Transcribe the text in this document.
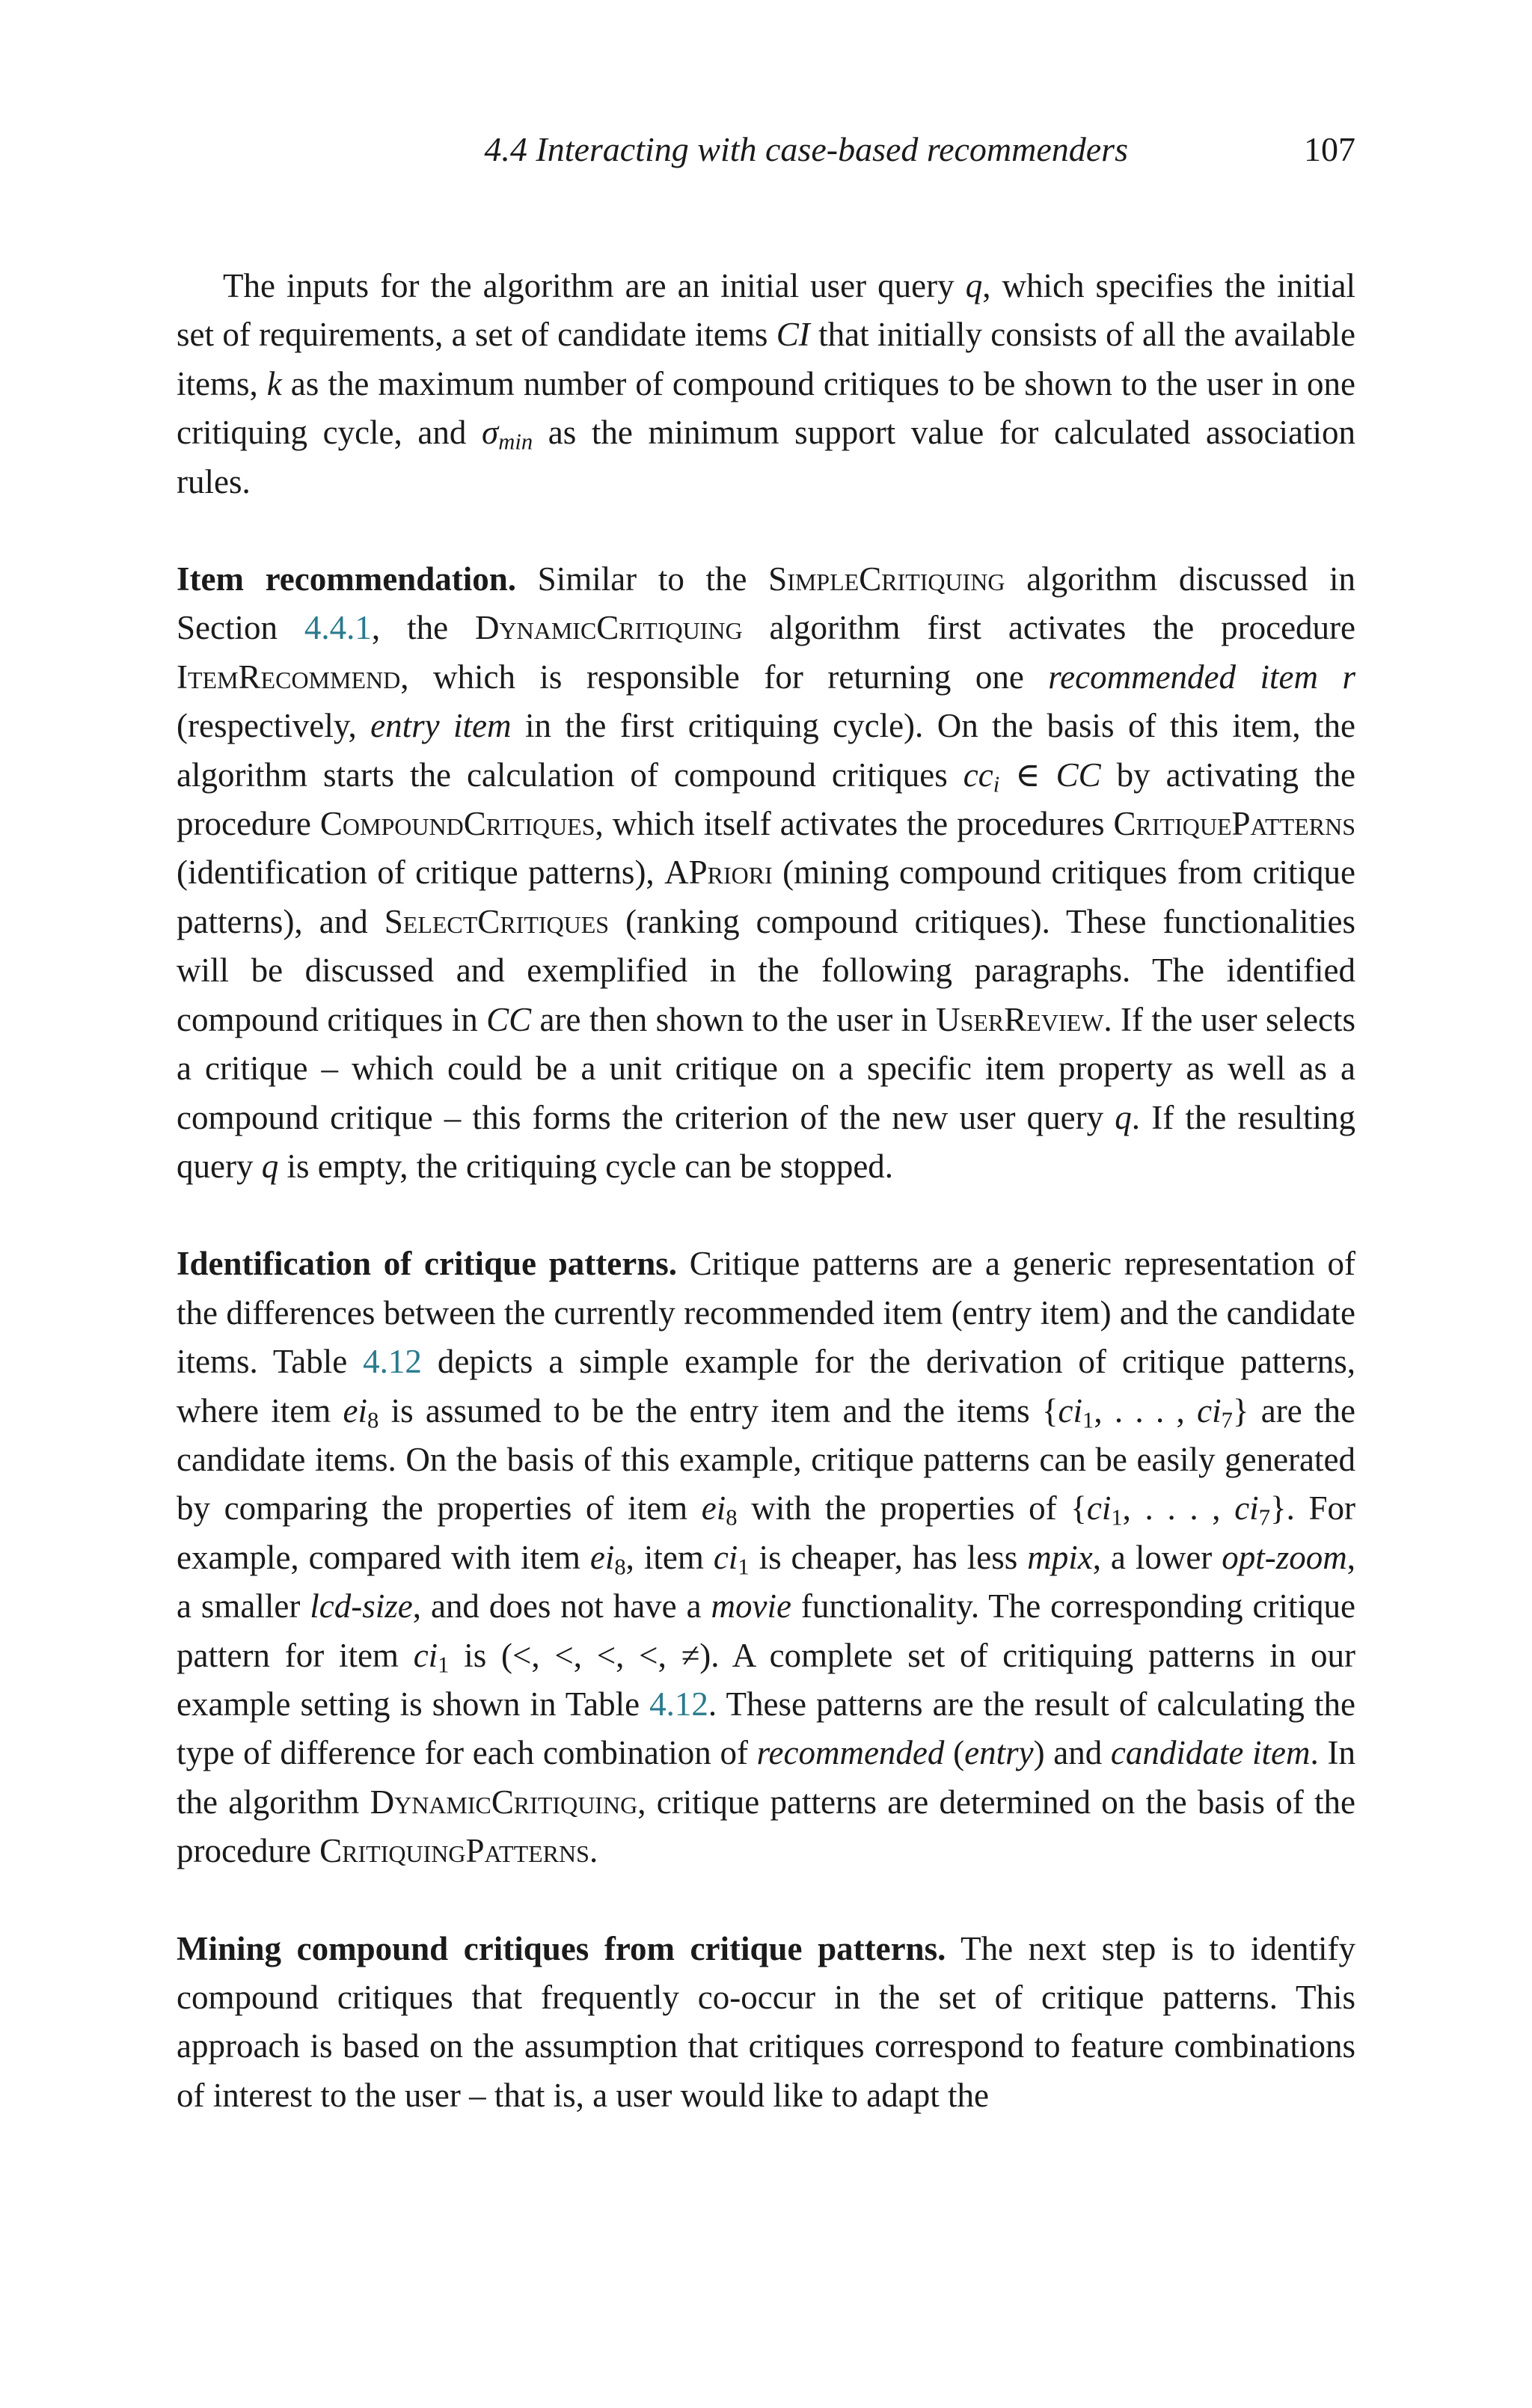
4.4 Interacting with case-based recommenders	107

The inputs for the algorithm are an initial user query q, which specifies the initial set of requirements, a set of candidate items CI that initially consists of all the available items, k as the maximum number of compound critiques to be shown to the user in one critiquing cycle, and $\sigma_{min}$ as the minimum support value for calculated association rules.

Item recommendation. Similar to the SimpleCritiquing algorithm discussed in Section 4.4.1, the DynamicCritiquing algorithm first activates the procedure ItemRecommend, which is responsible for returning one recommended item r (respectively, entry item in the first critiquing cycle). On the basis of this item, the algorithm starts the calculation of compound critiques $cc_i$ ∈ CC by activating the procedure CompoundCritiques, which itself activates the procedures CritiquePatterns (identification of critique patterns), APriori (mining compound critiques from critique patterns), and SelectCritiques (ranking compound critiques). These functionalities will be discussed and exemplified in the following paragraphs. The identified compound critiques in CC are then shown to the user in UserReview. If the user selects a critique – which could be a unit critique on a specific item property as well as a compound critique – this forms the criterion of the new user query q. If the resulting query q is empty, the critiquing cycle can be stopped.

Identification of critique patterns. Critique patterns are a generic representation of the differences between the currently recommended item (entry item) and the candidate items. Table 4.12 depicts a simple example for the derivation of critique patterns, where item $ei_8$ is assumed to be the entry item and the items {$ci_1$, . . . , $ci_7$} are the candidate items. On the basis of this example, critique patterns can be easily generated by comparing the properties of item $ei_8$ with the properties of {$ci_1$, . . . , $ci_7$}. For example, compared with item $ei_8$, item $ci_1$ is cheaper, has less mpix, a lower opt-zoom, a smaller lcd-size, and does not have a movie functionality. The corresponding critique pattern for item $ci_1$ is (<, <, <, <, ≠). A complete set of critiquing patterns in our example setting is shown in Table 4.12. These patterns are the result of calculating the type of difference for each combination of recommended (entry) and candidate item. In the algorithm DynamicCritiquing, critique patterns are determined on the basis of the procedure CritiquingPatterns.

Mining compound critiques from critique patterns. The next step is to identify compound critiques that frequently co-occur in the set of critique patterns. This approach is based on the assumption that critiques correspond to feature combinations of interest to the user – that is, a user would like to adapt the
